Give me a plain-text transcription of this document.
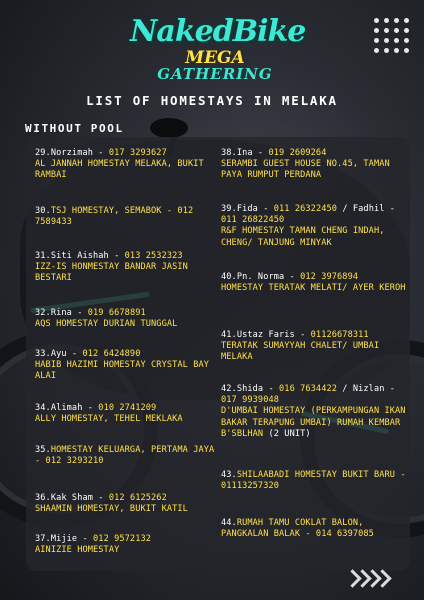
NakedBike
MEGA
GATHERING
LIST OF HOMESTAYS IN MELAKA
WITHOUT POOL
29.Norzimah - 017 3293627
AL JANNAH HOMESTAY MELAKA, BUKIT RAMBAI
30.TSJ HOMESTAY, SEMABOK - 012 7589433
31.Siti Aishah - 013 2532323
IZZ-IS HONMESTAY BANDAR JASIN BESTARI
32.Rina - 019 6678891
AQS HOMESTAY DURIAN TUNGGAL
33.Ayu - 012 6424890
HABIB HAZIMI HOMESTAY CRYSTAL BAY ALAI
34.Alimah - 010 2741209
ALLY HOMESTAY, TEHEL MEKLAKA
35.HOMESTAY KELUARGA, PERTAMA JAYA - 012 3293210
36.Kak Sham - 012 6125262
SHAAMIN HOMESTAY, BUKIT KATIL
37.Mijie - 012 9572132
AINIZIE HOMESTAY
38.Ina - 019 2609264
SERAMBI GUEST HOUSE NO.45, TAMAN PAYA RUMPUT PERDANA
39.Fida - 011 26322450 / Fadhil - 011 26822450
R&F HOMESTAY TAMAN CHENG INDAH, CHENG/ TANJUNG MINYAK
40.Pn. Norma - 012 3976894
HOMESTAY TERATAK MELATI/ AYER KEROH
41.Ustaz Faris - 01126678311
TERATAK SUMAYYAH CHALET/ UMBAI MELAKA
42.Shida - 016 7634422 / Nizlan - 017 9939048
D'UMBAI HOMESTAY (PERKAMPUNGAN IKAN BAKAR TERAPUNG UMBAI) RUMAH KEMBAR B'SBLHAN (2 UNIT)
43.SHILAABADI HOMESTAY BUKIT BARU - 01113257320
44.RUMAH TAMU COKLAT BALON, PANGKALAN BALAK - 014 6397085
